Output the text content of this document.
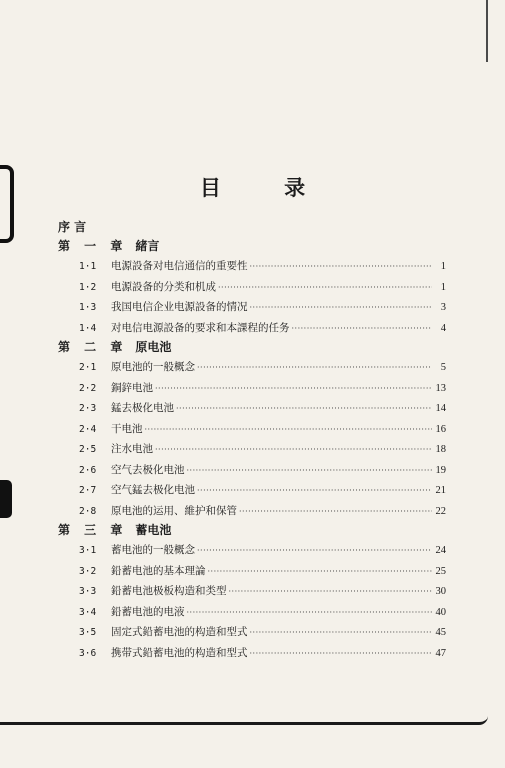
目 录
序 言
第 一 章 緒言
1·1	电源設备对电信通信的重要性 ·····	1
1·2	电源設备的分类和机成 ·····	1
1·3	我国电信企业电源設备的情况 ·····	3
1·4	对电信电源設备的要求和本課程的任务 ·····	4
第 二 章 原电池
2·1	原电池的一般概念 ·····	5
2·2	銅鋅电池 ·····	13
2·3	錳去极化电池 ·····	14
2·4	干电池 ·····	16
2·5	注水电池 ·····	18
2·6	空气去极化电池 ·····	19
2·7	空气錳去极化电池 ·····	21
2·8	原电池的运用、維护和保管 ·····	22
第 三 章 蓄电池
3·1	蓄电池的一般概念 ·····	24
3·2	鉛蓄电池的基本理論 ·····	25
3·3	鉛蓄电池极板构造和类型 ·····	30
3·4	鉛蓄电池的电液 ·····	40
3·5	固定式鉛蓄电池的构造和型式 ·····	45
3·6	携带式鉛蓄电池的构造和型式 ·····	47
